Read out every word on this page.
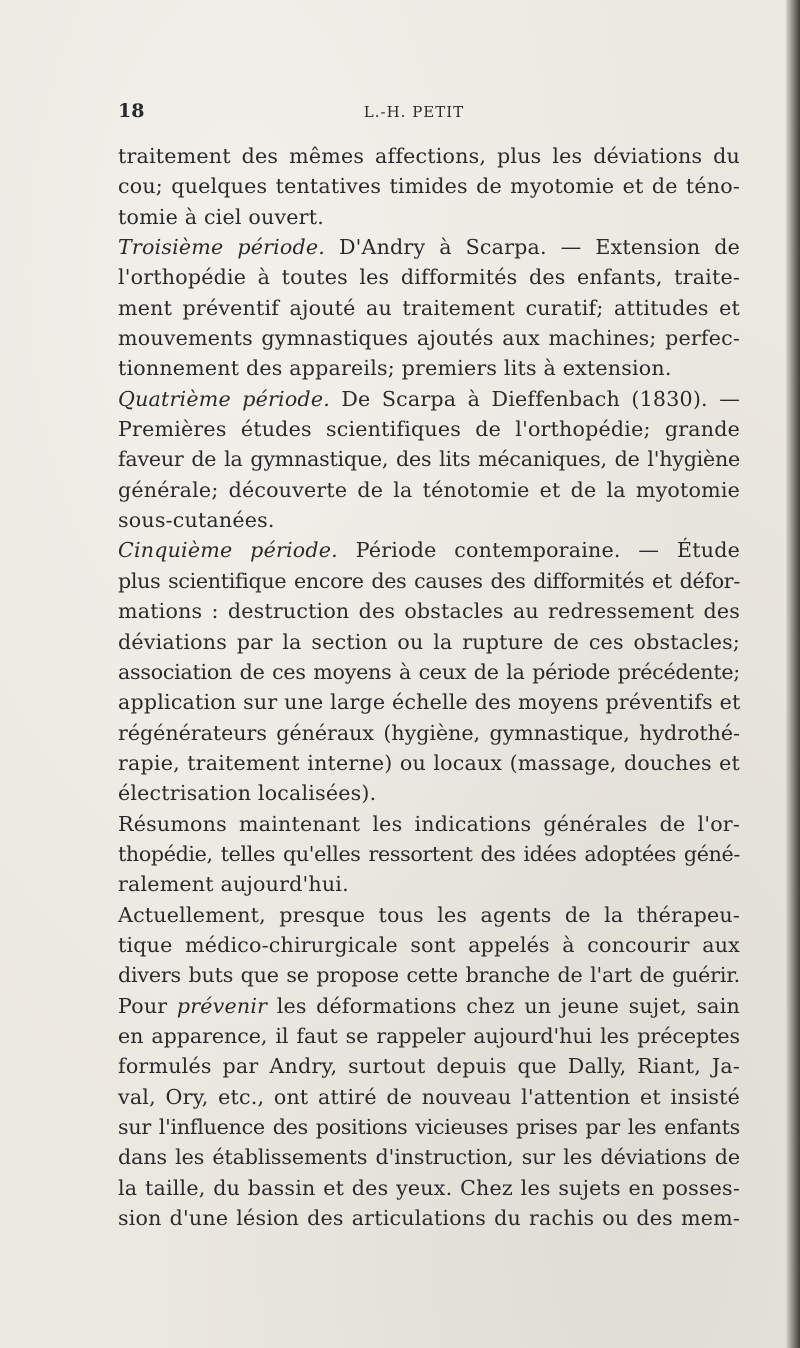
18	L.-H. PETIT
traitement des mêmes affections, plus les déviations du
cou; quelques tentatives timides de myotomie et de téno-
tomie à ciel ouvert.
Troisième période. D'Andry à Scarpa. — Extension de
l'orthopédie à toutes les difformités des enfants, traite-
ment préventif ajouté au traitement curatif; attitudes et
mouvements gymnastiques ajoutés aux machines; perfec-
tionnement des appareils; premiers lits à extension.
Quatrième période. De Scarpa à Dieffenbach (1830). —
Premières études scientifiques de l'orthopédie; grande
faveur de la gymnastique, des lits mécaniques, de l'hygiène
générale; découverte de la ténotomie et de la myotomie
sous-cutanées.
Cinquième période. Période contemporaine. — Étude
plus scientifique encore des causes des difformités et défor-
mations : destruction des obstacles au redressement des
déviations par la section ou la rupture de ces obstacles;
association de ces moyens à ceux de la période précédente;
application sur une large échelle des moyens préventifs et
régénérateurs généraux (hygiène, gymnastique, hydrothé-
rapie, traitement interne) ou locaux (massage, douches et
électrisation localisées).
Résumons maintenant les indications générales de l'or-
thopédie, telles qu'elles ressortent des idées adoptées géné-
ralement aujourd'hui.
Actuellement, presque tous les agents de la thérapeu-
tique médico-chirurgicale sont appelés à concourir aux
divers buts que se propose cette branche de l'art de guérir.
Pour prévenir les déformations chez un jeune sujet, sain
en apparence, il faut se rappeler aujourd'hui les préceptes
formulés par Andry, surtout depuis que Dally, Riant, Ja-
val, Ory, etc., ont attiré de nouveau l'attention et insisté
sur l'influence des positions vicieuses prises par les enfants
dans les établissements d'instruction, sur les déviations de
la taille, du bassin et des yeux. Chez les sujets en posses-
sion d'une lésion des articulations du rachis ou des mem-
